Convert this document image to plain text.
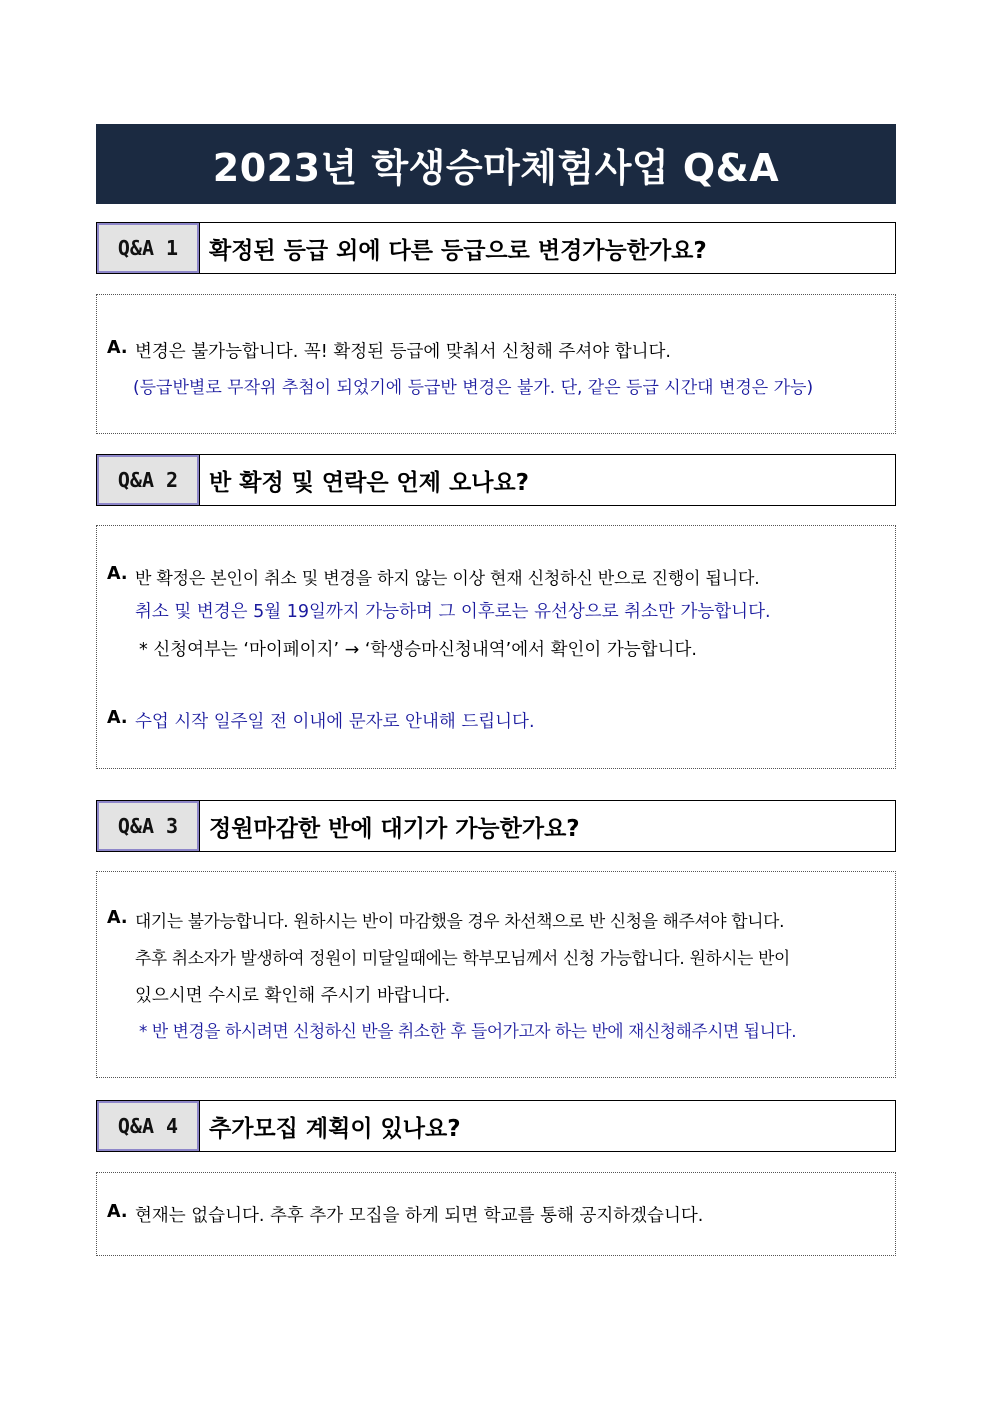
2023년 학생승마체험사업 Q&A
Q&A 1	확정된 등급 외에 다른 등급으로 변경가능한가요?
A. 변경은 불가능합니다. 꼭! 확정된 등급에 맞춰서 신청해 주셔야 합니다.
(등급반별로 무작위 추첨이 되었기에 등급반 변경은 불가. 단, 같은 등급 시간대 변경은 가능)
Q&A 2	반 확정 및 연락은 언제 오나요?
A. 반 확정은 본인이 취소 및 변경을 하지 않는 이상 현재 신청하신 반으로 진행이 됩니다.
취소 및 변경은 5월 19일까지 가능하며 그 이후로는 유선상으로 취소만 가능합니다.
* 신청여부는 ‘마이페이지’ → ‘학생승마신청내역’에서 확인이 가능합니다.
A. 수업 시작 일주일 전 이내에 문자로 안내해 드립니다.
Q&A 3	정원마감한 반에 대기가 가능한가요?
A. 대기는 불가능합니다. 원하시는 반이 마감했을 경우 차선책으로 반 신청을 해주셔야 합니다.
추후 취소자가 발생하여 정원이 미달일때에는 학부모님께서 신청 가능합니다. 원하시는 반이
있으시면 수시로 확인해 주시기 바랍니다.
* 반 변경을 하시려면 신청하신 반을 취소한 후 들어가고자 하는 반에 재신청해주시면 됩니다.
Q&A 4	추가모집 계획이 있나요?
A. 현재는 없습니다. 추후 추가 모집을 하게 되면 학교를 통해 공지하겠습니다.
